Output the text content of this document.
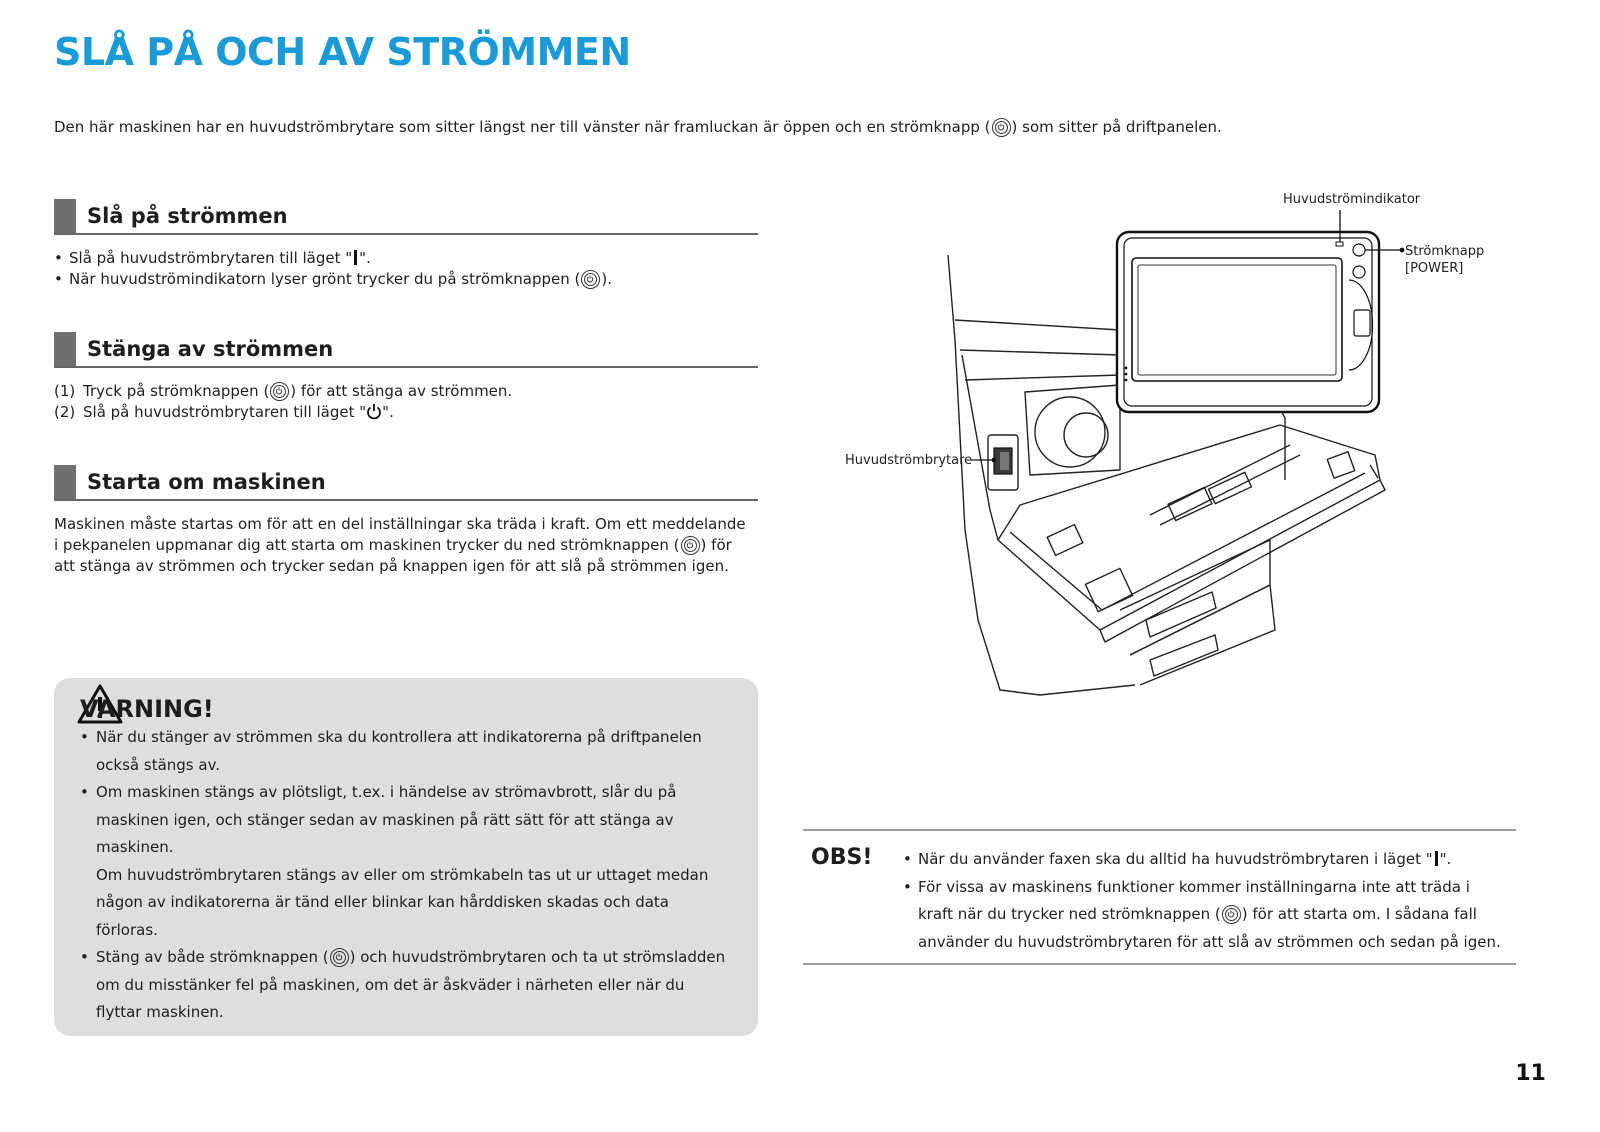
SLÅ PÅ OCH AV STRÖMMEN
Den här maskinen har en huvudströmbrytare som sitter längst ner till vänster när framluckan är öppen och en strömknapp ( ) som sitter på driftpanelen.
Slå på strömmen
• Slå på huvudströmbrytaren till läget " ".
• När huvudströmindikatorn lyser grönt trycker du på strömknappen ( ).
Stänga av strömmen
(1) Tryck på strömknappen ( ) för att stänga av strömmen.
(2) Slå på huvudströmbrytaren till läget " ".
Starta om maskinen
Maskinen måste startas om för att en del inställningar ska träda i kraft. Om ett meddelande i pekpanelen uppmanar dig att starta om maskinen trycker du ned strömknappen ( ) för att stänga av strömmen och trycker sedan på knappen igen för att slå på strömmen igen.
VARNING!
• När du stänger av strömmen ska du kontrollera att indikatorerna på driftpanelen också stängs av.
• Om maskinen stängs av plötsligt, t.ex. i händelse av strömavbrott, slår du på maskinen igen, och stänger sedan av maskinen på rätt sätt för att stänga av maskinen.
Om huvudströmbrytaren stängs av eller om strömkabeln tas ut ur uttaget medan någon av indikatorerna är tänd eller blinkar kan hårddisken skadas och data förloras.
• Stäng av både strömknappen ( ) och huvudströmbrytaren och ta ut strömsladden om du misstänker fel på maskinen, om det är åskväder i närheten eller när du flyttar maskinen.
Huvudströmindikator
Strömknapp
[POWER]
Huvudströmbrytare
OBS!
•	När du använder faxen ska du alltid ha huvudströmbrytaren i läget " ".
• För vissa av maskinens funktioner kommer inställningarna inte att träda i kraft när du trycker ned strömknappen ( ) för att starta om. I sådana fall använder du huvudströmbrytaren för att slå av strömmen och sedan på igen.
11
